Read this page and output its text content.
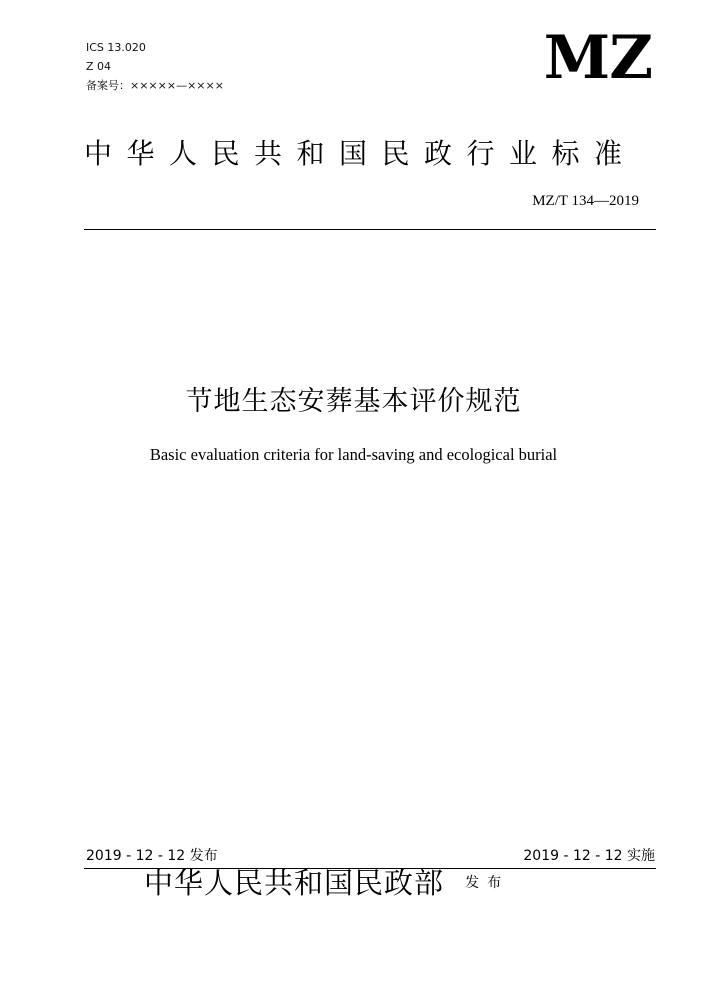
ICS 13.020
Z 04
备案号：×××××—××××	MZ
中华人民共和国民政行业标准
MZ/T 134—2019
节地生态安葬基本评价规范
Basic evaluation criteria for land-saving and ecological burial
2019 - 12 - 12 发布	2019 - 12 - 12 实施
中华人民共和国民政部 发布
